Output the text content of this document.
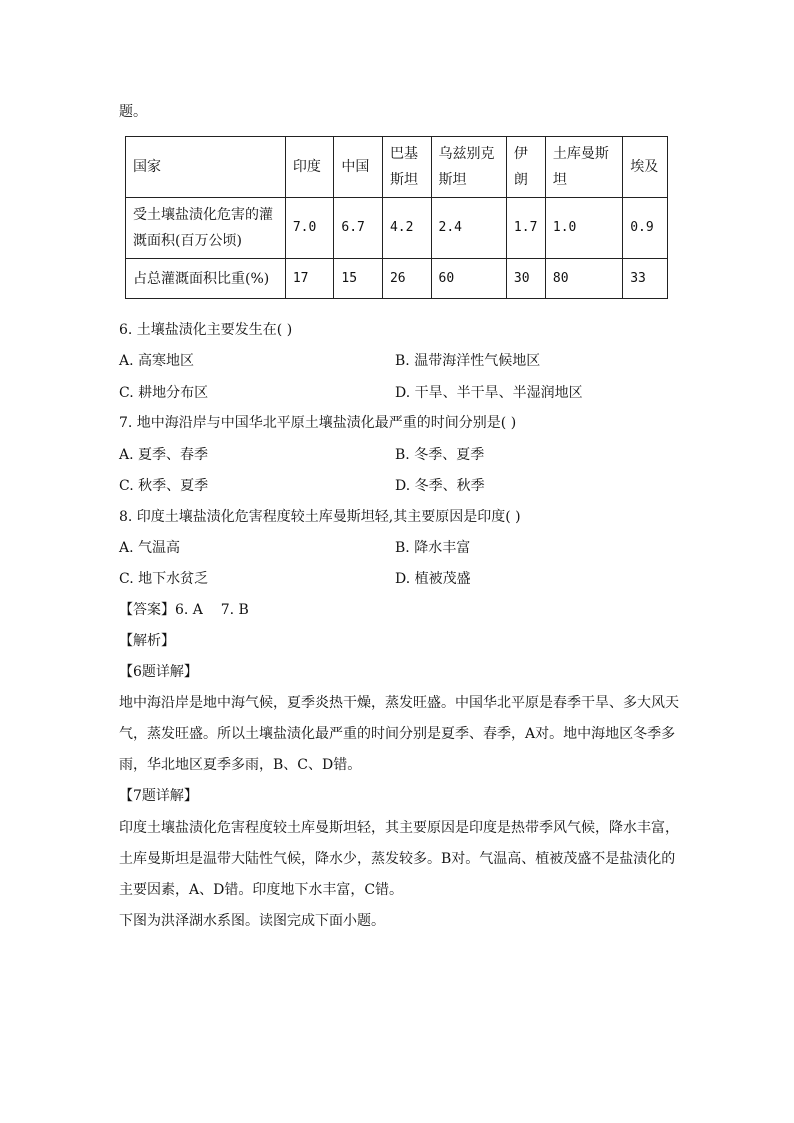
题。
国家	印度	中国	巴基斯坦	乌兹别克斯坦	伊朗	土库曼斯坦	埃及
受土壤盐渍化危害的灌溉面积(百万公顷)	7.0	6.7	4.2	2.4	1.7	1.0	0.9
占总灌溉面积比重(%)	17	15	26	60	30	80	33
6. 土壤盐渍化主要发生在( )
A. 高寒地区	B. 温带海洋性气候地区
C. 耕地分布区	D. 干旱、半干旱、半湿润地区
7. 地中海沿岸与中国华北平原土壤盐渍化最严重的时间分别是( )
A. 夏季、春季	B. 冬季、夏季
C. 秋季、夏季	D. 冬季、秋季
8. 印度土壤盐渍化危害程度较土库曼斯坦轻,其主要原因是印度( )
A. 气温高	B. 降水丰富
C. 地下水贫乏	D. 植被茂盛
【答案】6. A    7. B
【解析】
【6题详解】
地中海沿岸是地中海气候，夏季炎热干燥，蒸发旺盛。中国华北平原是春季干旱、多大风天
气，蒸发旺盛。所以土壤盐渍化最严重的时间分别是夏季、春季，A对。地中海地区冬季多
雨，华北地区夏季多雨，B、C、D错。
【7题详解】
印度土壤盐渍化危害程度较土库曼斯坦轻，其主要原因是印度是热带季风气候，降水丰富，
土库曼斯坦是温带大陆性气候，降水少，蒸发较多。B对。气温高、植被茂盛不是盐渍化的
主要因素，A、D错。印度地下水丰富，C错。
下图为洪泽湖水系图。读图完成下面小题。
